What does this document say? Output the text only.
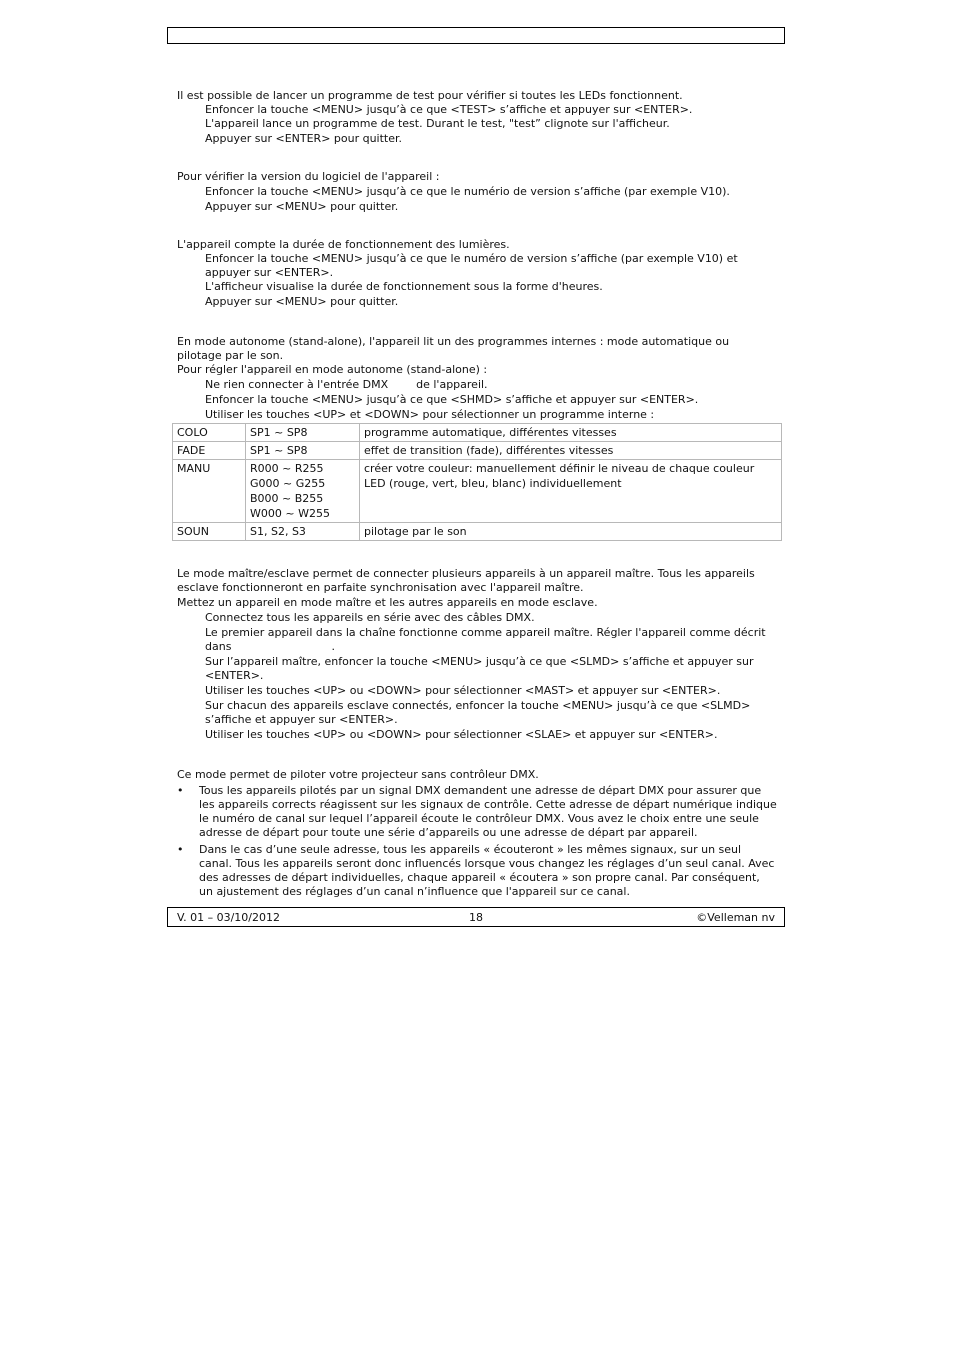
Il est possible de lancer un programme de test pour vérifier si toutes les LEDs fonctionnent.

Enfoncer la touche <MENU> jusqu’à ce que <TEST> s’affiche et appuyer sur <ENTER>.

L'appareil lance un programme de test. Durant le test, "test” clignote sur l'afficheur.

Appuyer sur <ENTER> pour quitter.

Pour vérifier la version du logiciel de l'appareil :

Enfoncer la touche <MENU> jusqu’à ce que le numério de version s’affiche (par exemple V10).

Appuyer sur <MENU> pour quitter.

L'appareil compte la durée de fonctionnement des lumières.

Enfoncer la touche <MENU> jusqu’à ce que le numéro de version s’affiche (par exemple V10) et appuyer sur <ENTER>.

L'afficheur visualise la durée de fonctionnement sous la forme d'heures.

Appuyer sur <MENU> pour quitter.

En mode autonome (stand-alone), l'appareil lit un des programmes internes : mode automatique ou pilotage par le son.

Pour régler l'appareil en mode autonome (stand-alone) :

Ne rien connecter à l'entrée DMX	de l'appareil.

Enfoncer la touche <MENU> jusqu’à ce que <SHMD> s’affiche et appuyer sur <ENTER>.

Utiliser les touches <UP> et <DOWN> pour sélectionner un programme interne :

COLO	SP1 ~ SP8	programme automatique, différentes vitesses
FADE	SP1 ~ SP8	effet de transition (fade), différentes vitesses
MANU	R000 ~ R255
G000 ~ G255
B000 ~ B255
W000 ~ W255	créer votre couleur: manuellement définir le niveau de chaque couleur LED (rouge, vert, bleu, blanc) individuellement
SOUN	S1, S2, S3	pilotage par le son

Le mode maître/esclave permet de connecter plusieurs appareils à un appareil maître. Tous les appareils esclave fonctionneront en parfaite synchronisation avec l'appareil maître.

Mettez un appareil en mode maître et les autres appareils en mode esclave.

Connectez tous les appareils en série avec des câbles DMX.

Le premier appareil dans la chaîne fonctionne comme appareil maître. Régler l'appareil comme décrit dans	.

Sur l’appareil maître, enfoncer la touche <MENU> jusqu’à ce que <SLMD> s’affiche et appuyer sur <ENTER>.

Utiliser les touches <UP> ou <DOWN> pour sélectionner <MAST> et appuyer sur <ENTER>.

Sur chacun des appareils esclave connectés, enfoncer la touche <MENU> jusqu’à ce que <SLMD> s’affiche et appuyer sur <ENTER>.

Utiliser les touches <UP> ou <DOWN> pour sélectionner <SLAE> et appuyer sur <ENTER>.

Ce mode permet de piloter votre projecteur sans contrôleur DMX.

• Tous les appareils pilotés par un signal DMX demandent une adresse de départ DMX pour assurer que les appareils corrects réagissent sur les signaux de contrôle. Cette adresse de départ numérique indique le numéro de canal sur lequel l’appareil écoute le contrôleur DMX. Vous avez le choix entre une seule adresse de départ pour toute une série d’appareils ou une adresse de départ par appareil.
• Dans le cas d’une seule adresse, tous les appareils « écouteront » les mêmes signaux, sur un seul canal. Tous les appareils seront donc influencés lorsque vous changez les réglages d’un seul canal. Avec des adresses de départ individuelles, chaque appareil « écoutera » son propre canal. Par conséquent, un ajustement des réglages d’un canal n’influence que l'appareil sur ce canal.
V. 01 – 03/10/2012	18	©Velleman nv
